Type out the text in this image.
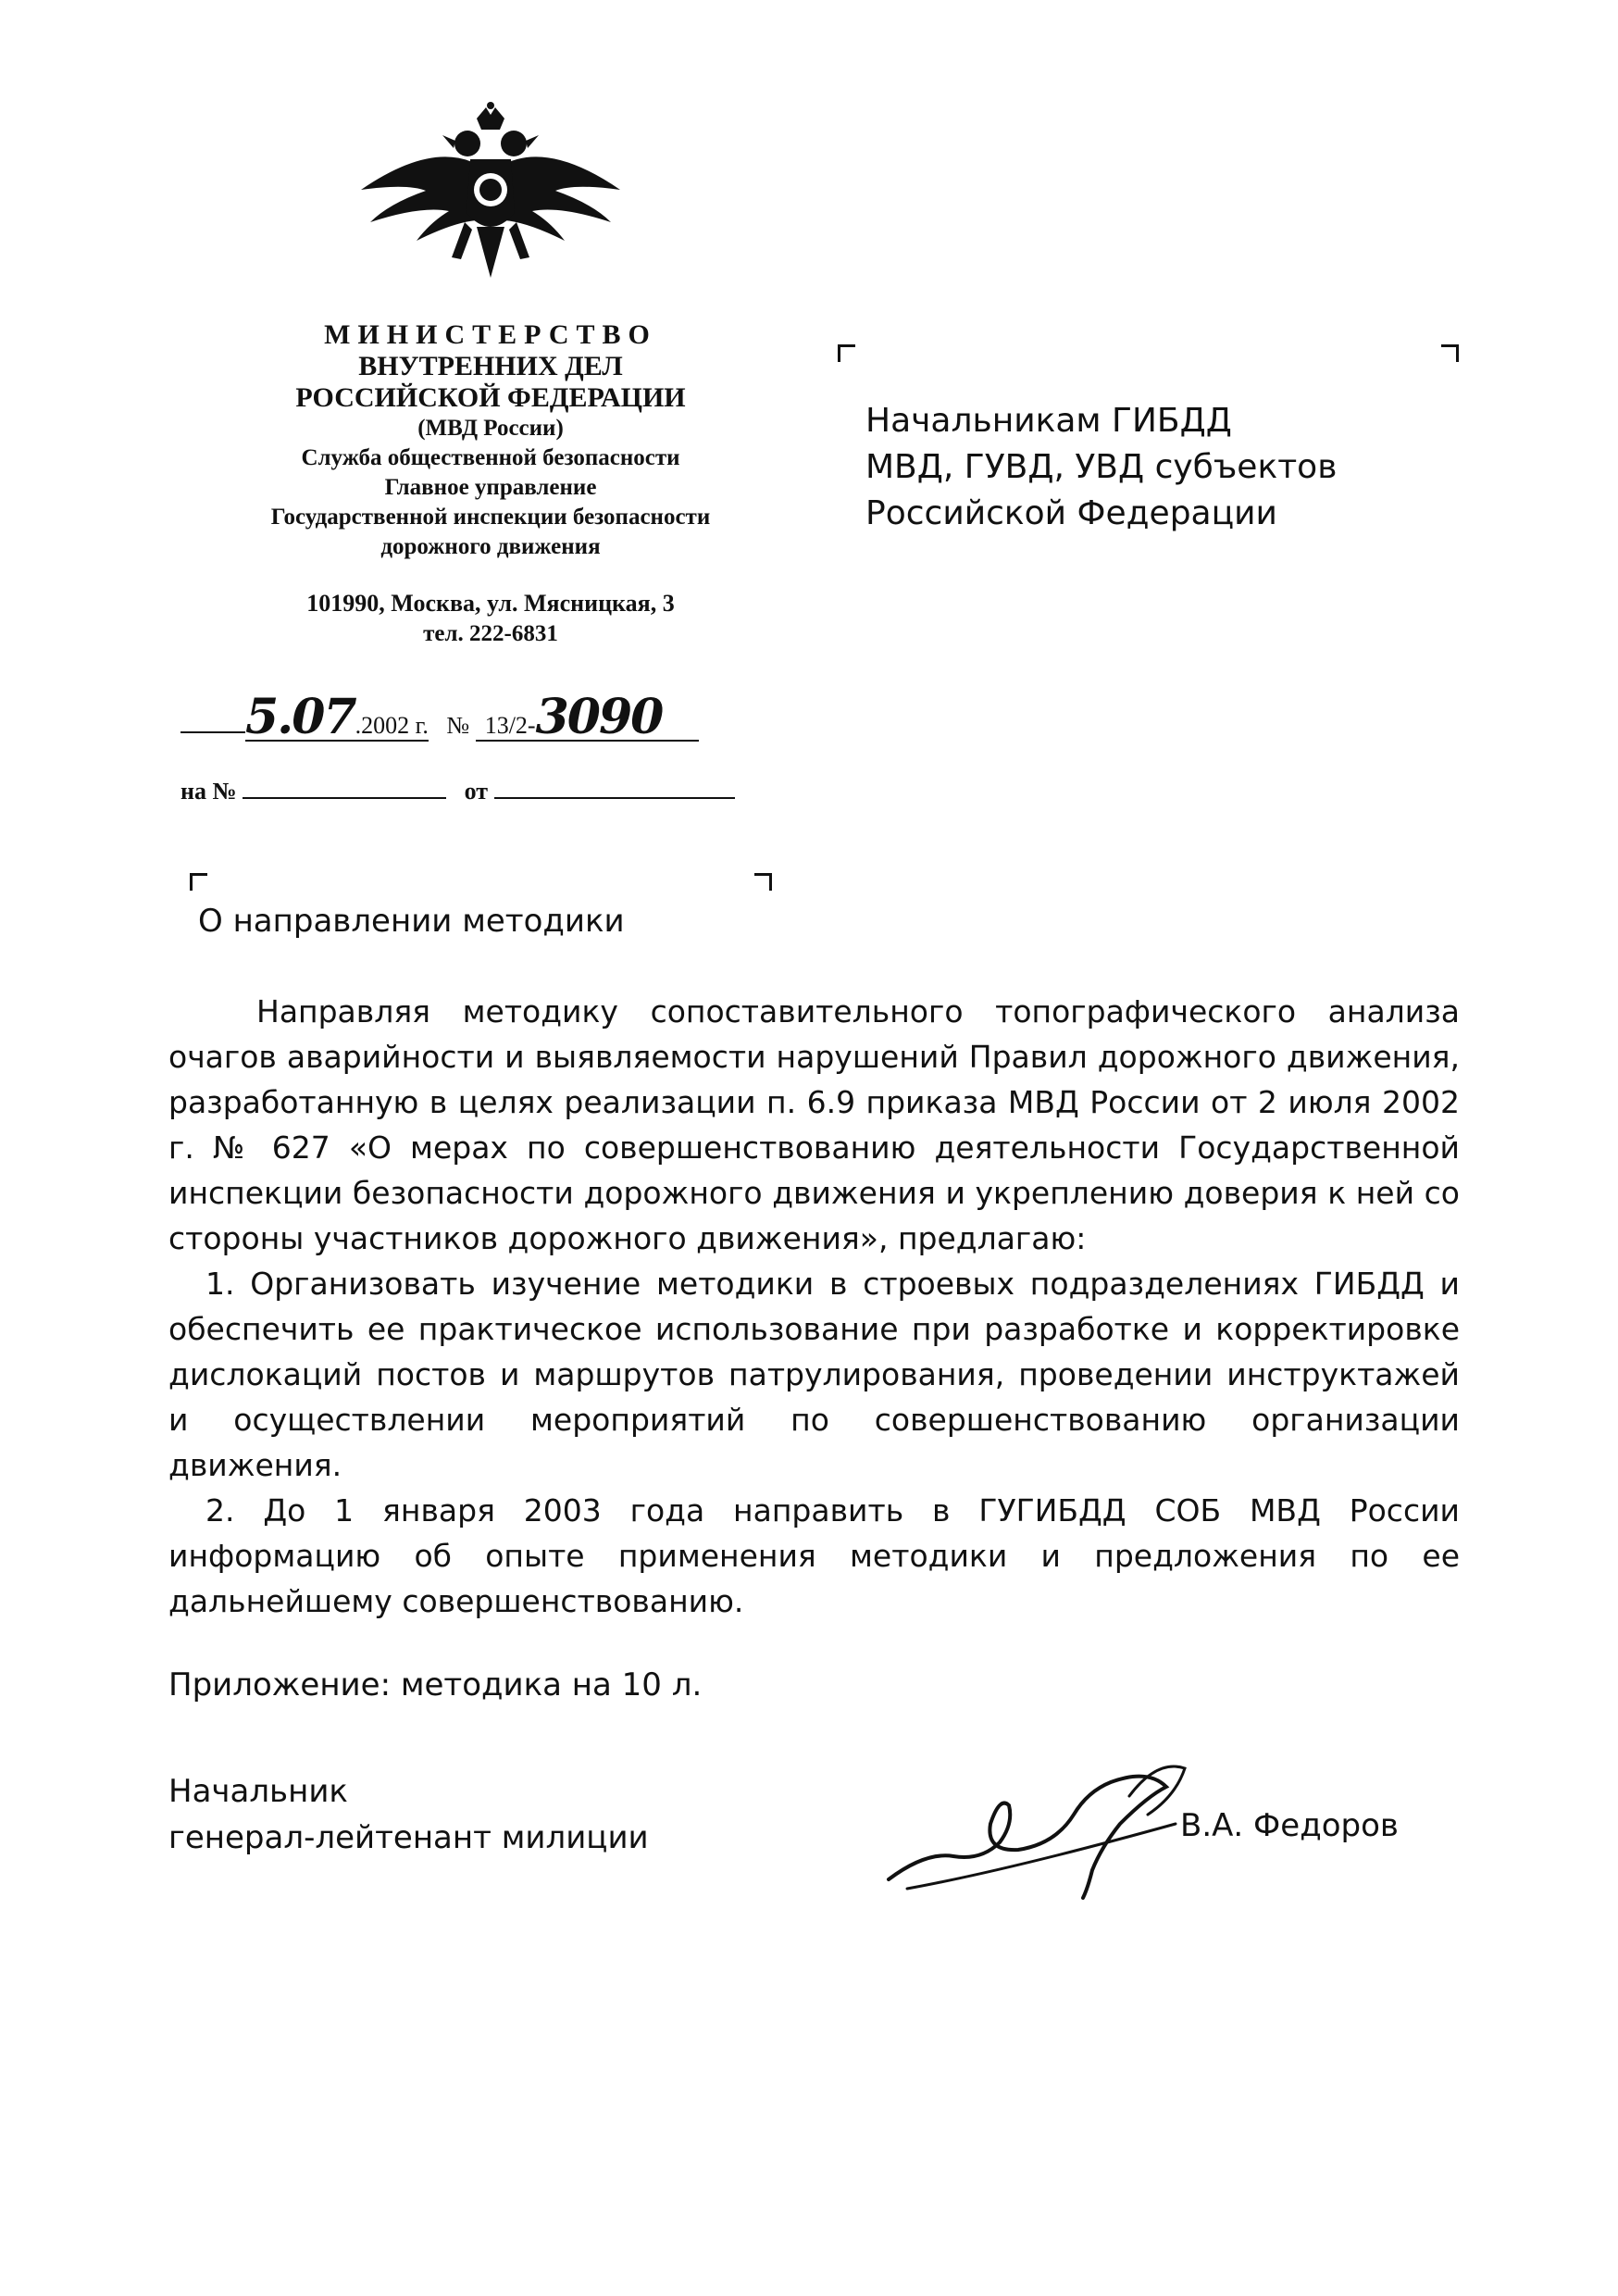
МИНИСТЕРСТВО
ВНУТРЕННИХ ДЕЛ
РОССИЙСКОЙ ФЕДЕРАЦИИ
(МВД России)
Служба общественной безопасности
Главное управление
Государственной инспекции безопасности
дорожного движения
101990, Москва, ул. Мясницкая, 3
тел. 222-6831
5.07.2002 г. № 13/2-3090
на №	от
Начальникам ГИБДД
МВД, ГУВД, УВД субъектов
Российской Федерации
О направлении методики

Направляя методику сопоставительного топографического анализа очагов аварийности и выявляемости нарушений Правил дорожного движения, разработанную в целях реализации п. 6.9 приказа МВД России от 2 июля 2002 г. № 627 «О мерах по совершенствованию деятельности Государственной инспекции безопасности дорожного движения и укреплению доверия к ней со стороны участников дорожного движения», предлагаю:

1. Организовать изучение методики в строевых подразделениях ГИБДД и обеспечить ее практическое использование при разработке и корректировке дислокаций постов и маршрутов патрулирования, проведении инструктажей и осуществлении мероприятий по совершенствованию организации движения.

2. До 1 января 2003 года направить в ГУГИБДД СОБ МВД России информацию об опыте применения методики и предложения по ее дальнейшему совершенствованию.

Приложение: методика на 10 л.
Начальник
генерал-лейтенант милиции	В.А. Федоров
